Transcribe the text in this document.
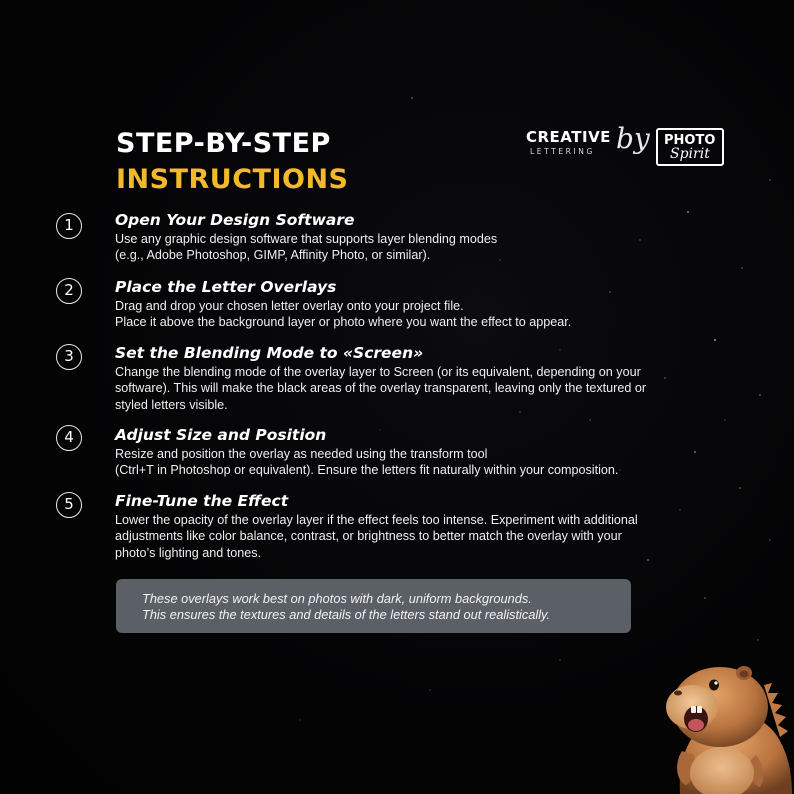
STEP-BY-STEP
INSTRUCTIONS
CREATIVE
LETTERING by PHOTO
Spirit
1	Open Your Design Software
Use any graphic design software that supports layer blending modes
(e.g., Adobe Photoshop, GIMP, Affinity Photo, or similar).
2	Place the Letter Overlays
Drag and drop your chosen letter overlay onto your project file.
Place it above the background layer or photo where you want the effect to appear.
3	Set the Blending Mode to «Screen»
Change the blending mode of the overlay layer to Screen (or its equivalent, depending on your
software). This will make the black areas of the overlay transparent, leaving only the textured or
styled letters visible.
4	Adjust Size and Position
Resize and position the overlay as needed using the transform tool
(Ctrl+T in Photoshop or equivalent). Ensure the letters fit naturally within your composition.
5	Fine-Tune the Effect
Lower the opacity of the overlay layer if the effect feels too intense. Experiment with additional
adjustments like color balance, contrast, or brightness to better match the overlay with your
photo’s lighting and tones.
These overlays work best on photos with dark, uniform backgrounds.
This ensures the textures and details of the letters stand out realistically.
